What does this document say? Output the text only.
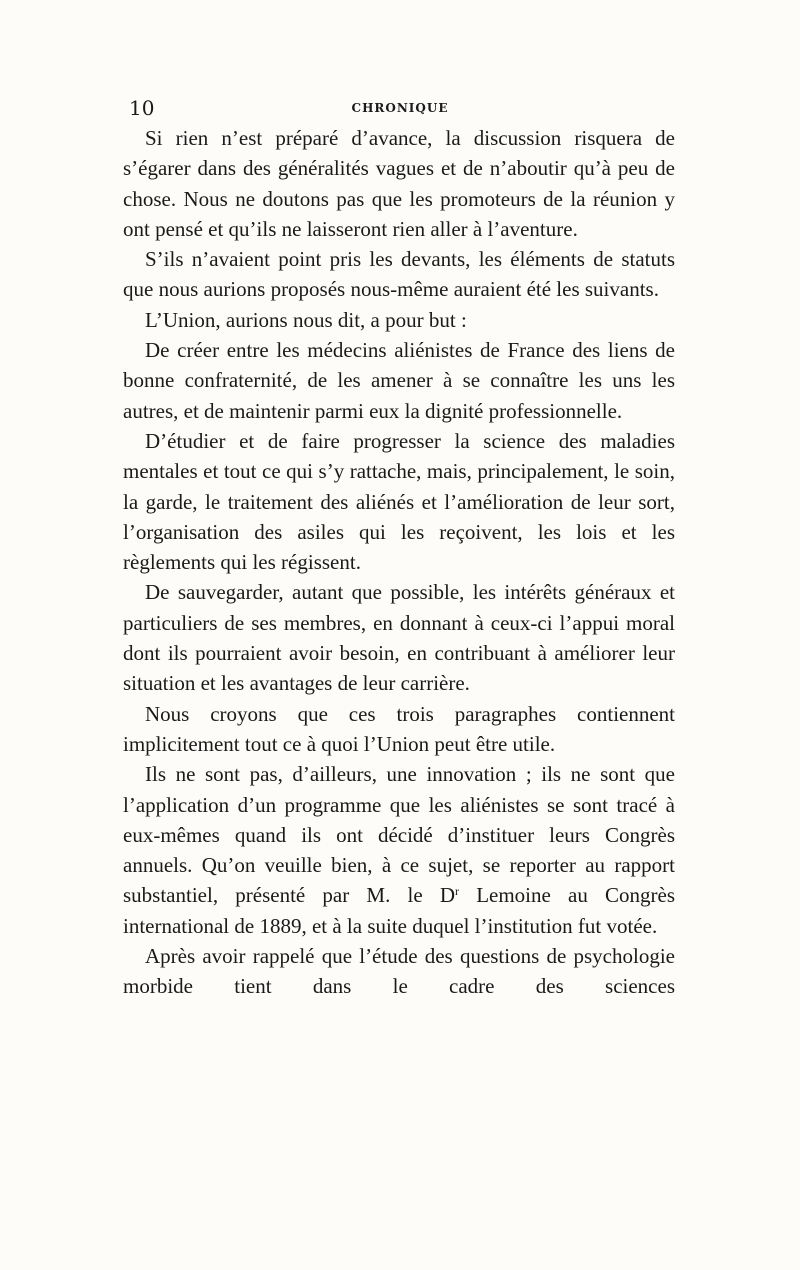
10	CHRONIQUE

Si rien n’est préparé d’avance, la discussion risquera de s’égarer dans des généralités vagues et de n’aboutir qu’à peu de chose. Nous ne doutons pas que les promoteurs de la réunion y ont pensé et qu’ils ne laisseront rien aller à l’aventure.

S’ils n’avaient point pris les devants, les éléments de statuts que nous aurions proposés nous-même auraient été les suivants.

L’Union, aurions nous dit, a pour but :

De créer entre les médecins aliénistes de France des liens de bonne confraternité, de les amener à se connaître les uns les autres, et de maintenir parmi eux la dignité professionnelle.

D’étudier et de faire progresser la science des maladies mentales et tout ce qui s’y rattache, mais, principalement, le soin, la garde, le traitement des aliénés et l’amélioration de leur sort, l’organisation des asiles qui les reçoivent, les lois et les règlements qui les régissent.

De sauvegarder, autant que possible, les intérêts généraux et particuliers de ses membres, en donnant à ceux-ci l’appui moral dont ils pourraient avoir besoin, en contribuant à améliorer leur situation et les avantages de leur carrière.

Nous croyons que ces trois paragraphes contiennent implicitement tout ce à quoi l’Union peut être utile.

Ils ne sont pas, d’ailleurs, une innovation ; ils ne sont que l’application d’un programme que les aliénistes se sont tracé à eux-mêmes quand ils ont décidé d’instituer leurs Congrès annuels. Qu’on veuille bien, à ce sujet, se reporter au rapport substantiel, présenté par M. le $D^r$ Lemoine au Congrès international de 1889, et à la suite duquel l’institution fut votée.

Après avoir rappelé que l’étude des questions de psychologie morbide tient dans le cadre des sciences
